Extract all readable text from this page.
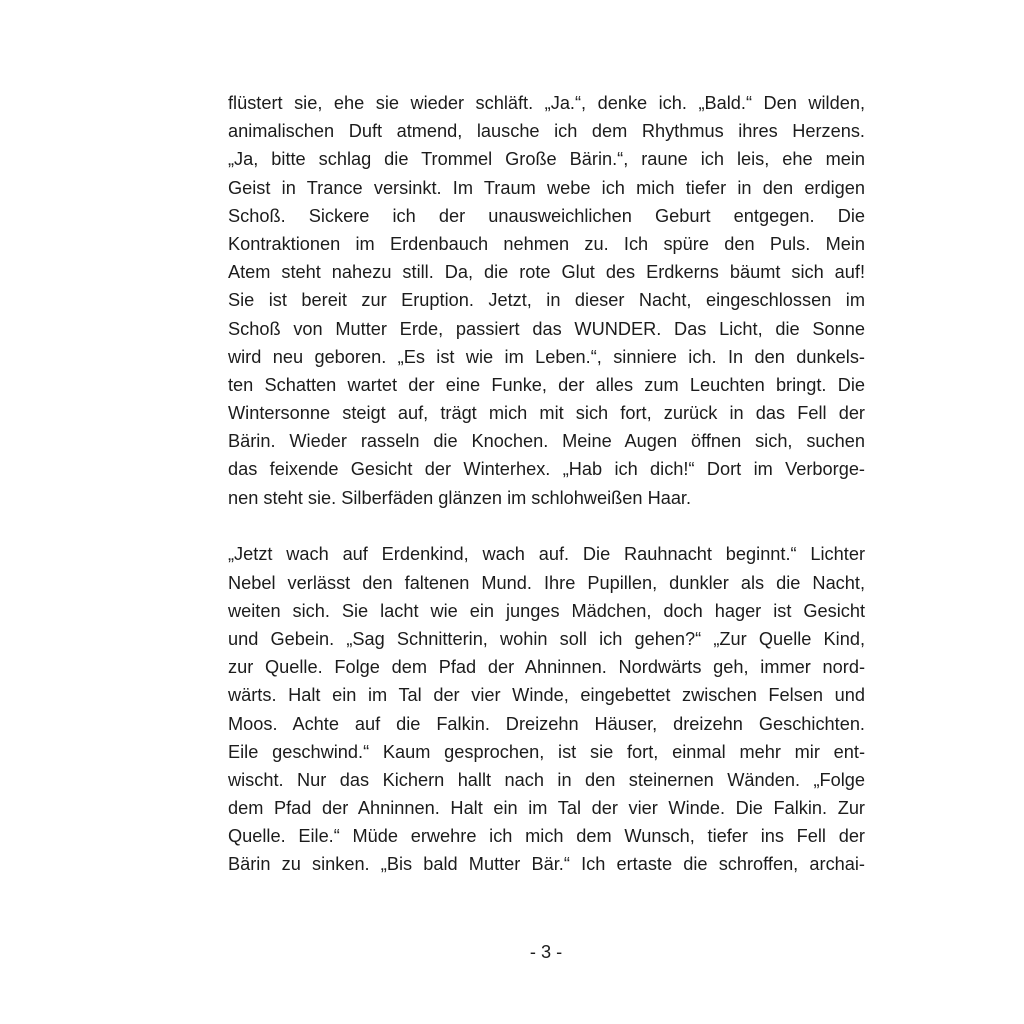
flüstert sie, ehe sie wieder schläft. „Ja.“, denke ich. „Bald.“ Den wilden,
animalischen Duft atmend, lausche ich dem Rhythmus ihres Herzens.
„Ja, bitte schlag die Trommel Große Bärin.“, raune ich leis, ehe mein
Geist in Trance versinkt. Im Traum webe ich mich tiefer in den erdigen
Schoß. Sickere ich der unausweichlichen Geburt entgegen. Die
Kontraktionen im Erdenbauch nehmen zu. Ich spüre den Puls. Mein
Atem steht nahezu still. Da, die rote Glut des Erdkerns bäumt sich auf!
Sie ist bereit zur Eruption. Jetzt, in dieser Nacht, eingeschlossen im
Schoß von Mutter Erde, passiert das WUNDER. Das Licht, die Sonne
wird neu geboren. „Es ist wie im Leben.“, sinniere ich. In den dunkels-
ten Schatten wartet der eine Funke, der alles zum Leuchten bringt. Die
Wintersonne steigt auf, trägt mich mit sich fort, zurück in das Fell der
Bärin. Wieder rasseln die Knochen. Meine Augen öffnen sich, suchen
das feixende Gesicht der Winterhex. „Hab ich dich!“ Dort im Verborge-
nen steht sie. Silberfäden glänzen im schlohweißen Haar.
„Jetzt wach auf Erdenkind, wach auf. Die Rauhnacht beginnt.“ Lichter
Nebel verlässt den faltenen Mund. Ihre Pupillen, dunkler als die Nacht,
weiten sich. Sie lacht wie ein junges Mädchen, doch hager ist Gesicht
und Gebein. „Sag Schnitterin, wohin soll ich gehen?“ „Zur Quelle Kind,
zur Quelle. Folge dem Pfad der Ahninnen. Nordwärts geh, immer nord-
wärts. Halt ein im Tal der vier Winde, eingebettet zwischen Felsen und
Moos. Achte auf die Falkin. Dreizehn Häuser, dreizehn Geschichten.
Eile geschwind.“ Kaum gesprochen, ist sie fort, einmal mehr mir ent-
wischt. Nur das Kichern hallt nach in den steinernen Wänden. „Folge
dem Pfad der Ahninnen. Halt ein im Tal der vier Winde. Die Falkin. Zur
Quelle. Eile.“ Müde erwehre ich mich dem Wunsch, tiefer ins Fell der
Bärin zu sinken. „Bis bald Mutter Bär.“ Ich ertaste die schroffen, archai-
- 3 -
